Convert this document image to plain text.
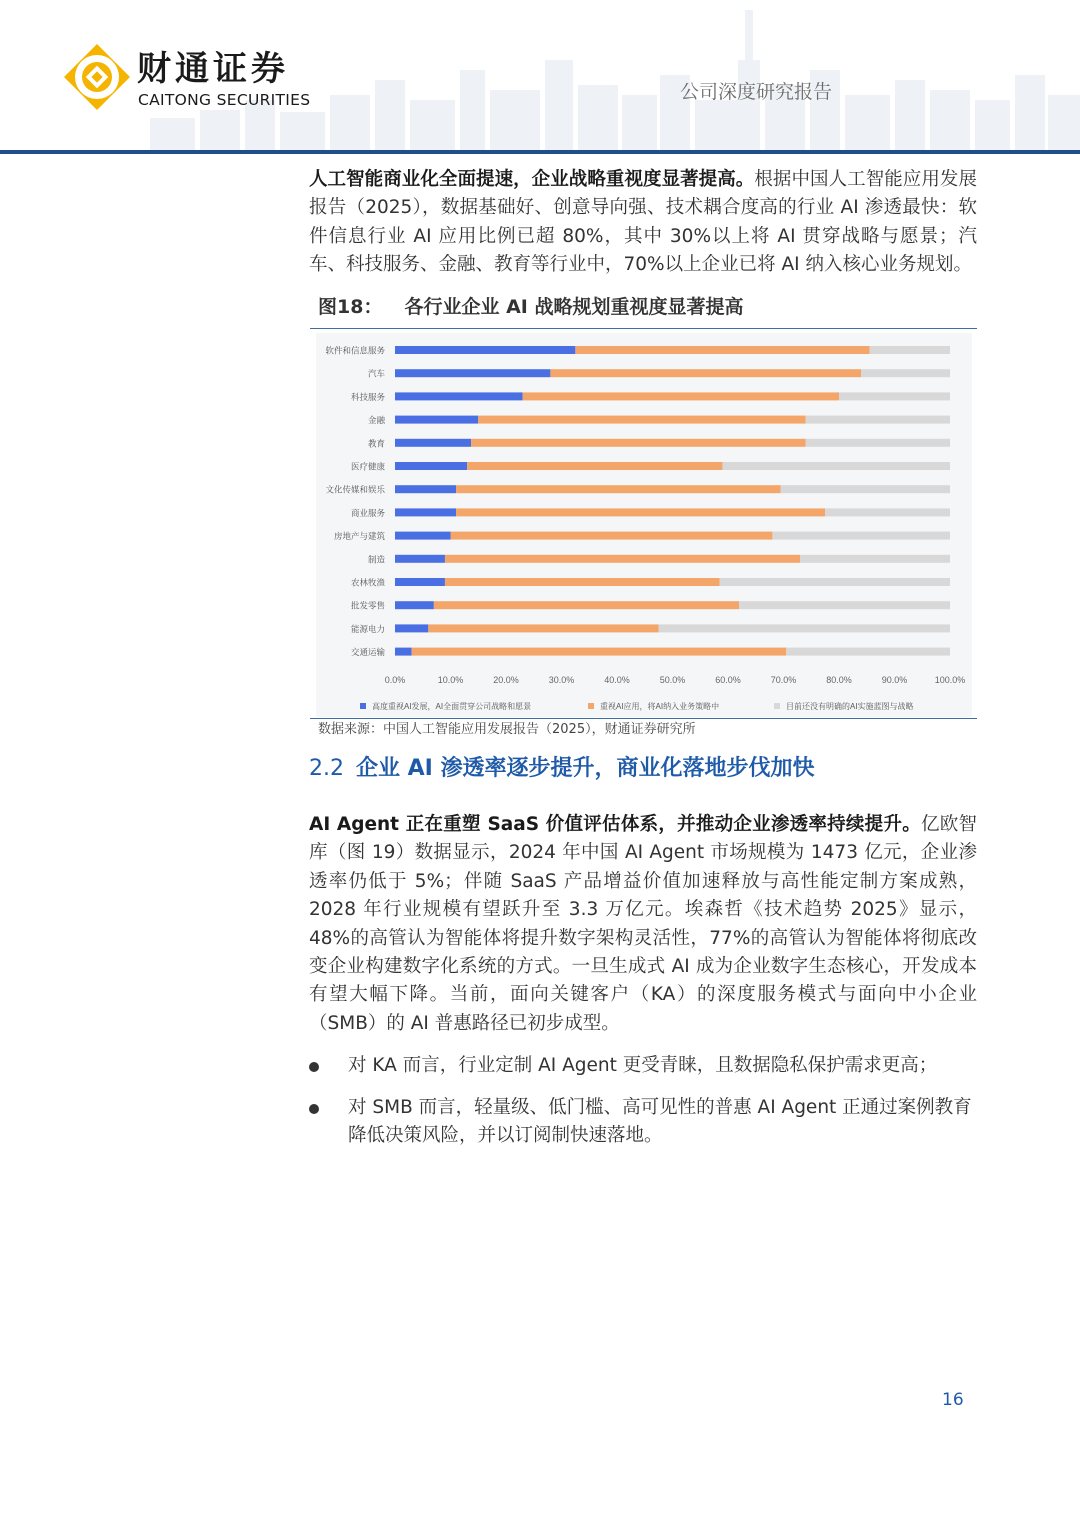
财通证券
CAITONG SECURITIES	公司深度研究报告

人工智能商业化全面提速，企业战略重视度显著提高。根据中国人工智能应用发展报告（2025），数据基础好、创意导向强、技术耦合度高的行业 AI 渗透最快：软件信息行业 AI 应用比例已超 80%，其中 30%以上将 AI 贯穿战略与愿景；汽车、科技服务、金融、教育等行业中，70%以上企业已将 AI 纳入核心业务规划。

图18： 各行业企业 AI 战略规划重视度显著提高
软件和信息服务
汽车
科技服务
金融
教育
医疗健康
文化传媒和娱乐
商业服务
房地产与建筑
制造
农林牧渔
批发零售
能源电力
交通运输
0.0%	10.0%	20.0%	30.0%	40.0%	50.0%	60.0%	70.0%	80.0%	90.0%	100.0%
高度重视AI发展，AI全面贯穿公司战略和愿景	重视AI应用，将AI纳入业务策略中	目前还没有明确的AI实施蓝图与战略
数据来源：中国人工智能应用发展报告（2025），财通证券研究所
2.2 企业 AI 渗透率逐步提升，商业化落地步伐加快

AI Agent 正在重塑 SaaS 价值评估体系，并推动企业渗透率持续提升。亿欧智库（图 19）数据显示，2024 年中国 AI Agent 市场规模为 1473 亿元，企业渗透率仍低于 5%；伴随 SaaS 产品增益价值加速释放与高性能定制方案成熟，2028 年行业规模有望跃升至 3.3 万亿元。埃森哲《技术趋势 2025》显示，48%的高管认为智能体将提升数字架构灵活性，77%的高管认为智能体将彻底改变企业构建数字化系统的方式。一旦生成式 AI 成为企业数字生态核心，开发成本有望大幅下降。当前，面向关键客户（KA）的深度服务模式与面向中小企业（SMB）的 AI 普惠路径已初步成型。

对 KA 而言，行业定制 AI Agent 更受青睐，且数据隐私保护需求更高；
对 SMB 而言，轻量级、低门槛、高可见性的普惠 AI Agent 正通过案例教育降低决策风险，并以订阅制快速落地。
16
